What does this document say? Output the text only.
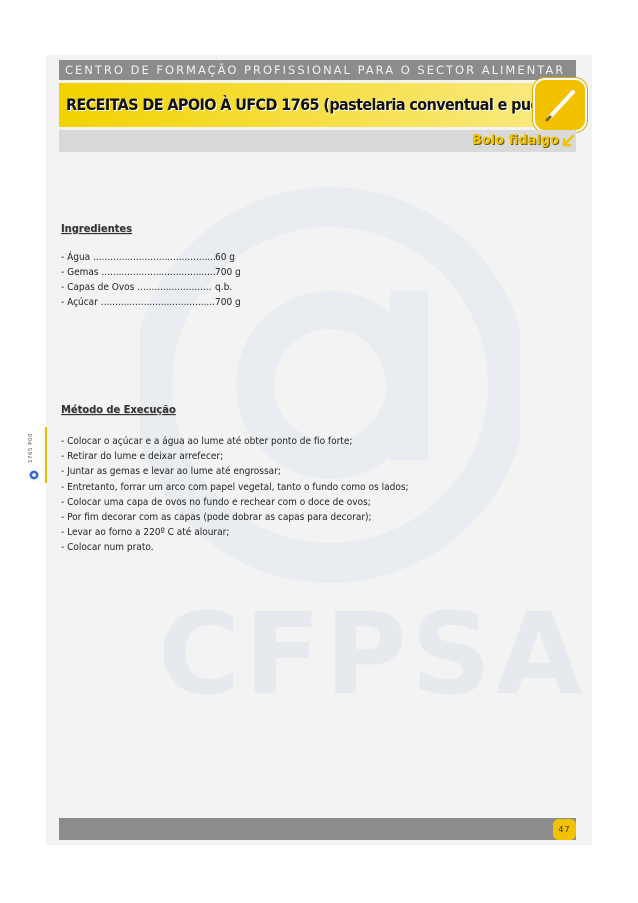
CFPSA
CENTRO DE FORMAÇÃO PROFISSIONAL PARA O SECTOR ALIMENTAR
RECEITAS DE APOIO À UFCD 1765 (pastelaria conventual e pudins)
Bolo fidalgo
1765 P00
Ingredientes
- Água ........................................... 60 g
- Gemas ........................................ 700 g
- Capas de Ovos .......................... q.b.
- Açúcar ........................................ 700 g
Método de Execução
- Colocar o açúcar e a água ao lume até obter ponto de fio forte;
- Retirar do lume e deixar arrefecer;
- Juntar as gemas e levar ao lume até engrossar;
- Entretanto, forrar um arco com papel vegetal, tanto o fundo como os lados;
- Colocar uma capa de ovos no fundo e rechear com o doce de ovos;
- Por fim decorar com as capas (pode dobrar as capas para decorar);
- Levar ao forno a 220º C até alourar;
- Colocar num prato.
47
